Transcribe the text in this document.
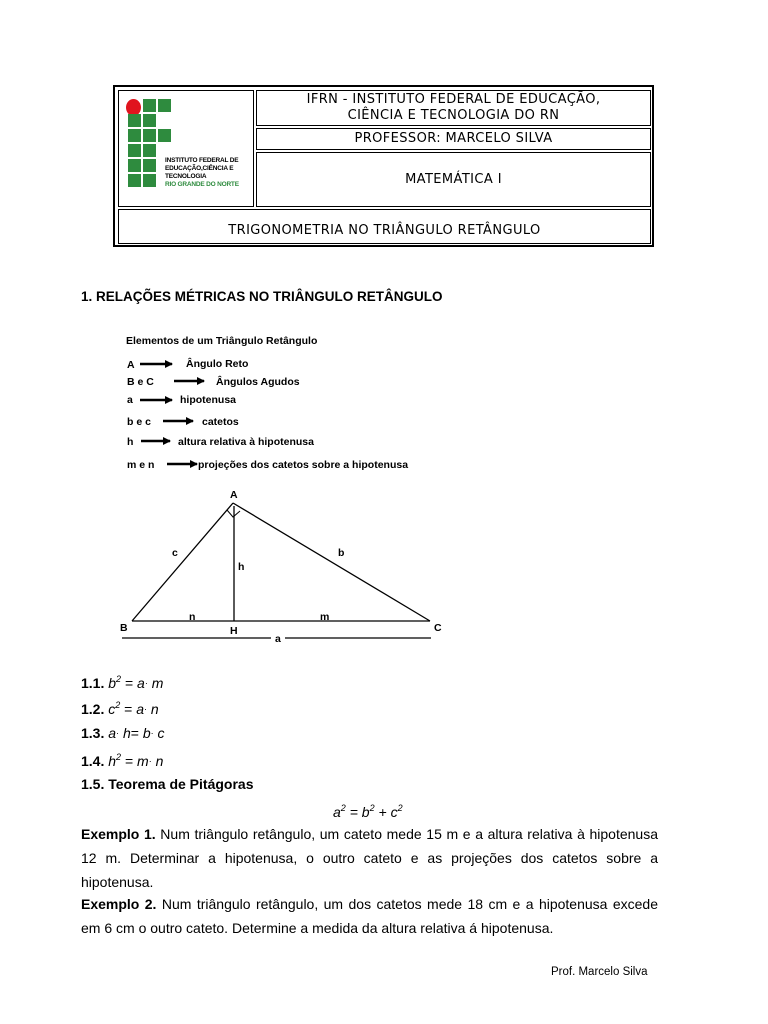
INSTITUTO FEDERAL DE
EDUCAÇÃO,CIÊNCIA E TECNOLOGIA
RIO GRANDE DO NORTE
IFRN - INSTITUTO FEDERAL DE EDUCAÇÃO,
CIÊNCIA E TECNOLOGIA DO RN
PROFESSOR: MARCELO SILVA
MATEMÁTICA I
TRIGONOMETRIA NO TRIÂNGULO RETÂNGULO
1. RELAÇÕES MÉTRICAS NO TRIÂNGULO RETÂNGULO
Elementos de um Triângulo Retângulo
A	Ângulo Reto
B e C	Ângulos Agudos
a	hipotenusa
b e c	catetos
h	altura relativa à hipotenusa
m e n	projeções dos catetos sobre a hipotenusa
A
B	C
H
c	b
h
n	m
a
1.1. $b^2 = a\cdot m$
1.2. $c^2 = a\cdot n$
1.3. a· h= b· c
1.4. $h^2 = m\cdot n$
1.5. Teorema de Pitágoras
$a^2 = b^2 + c^2$
Exemplo 1. Num triângulo retângulo, um cateto mede 15 m e a altura relativa à hipotenusa 12 m. Determinar a hipotenusa, o outro cateto e as projeções dos catetos sobre a hipotenusa.
Exemplo 2. Num triângulo retângulo, um dos catetos mede 18 cm e a hipotenusa excede em 6 cm o outro cateto. Determine a medida da altura relativa á hipotenusa.
Prof. Marcelo Silva
